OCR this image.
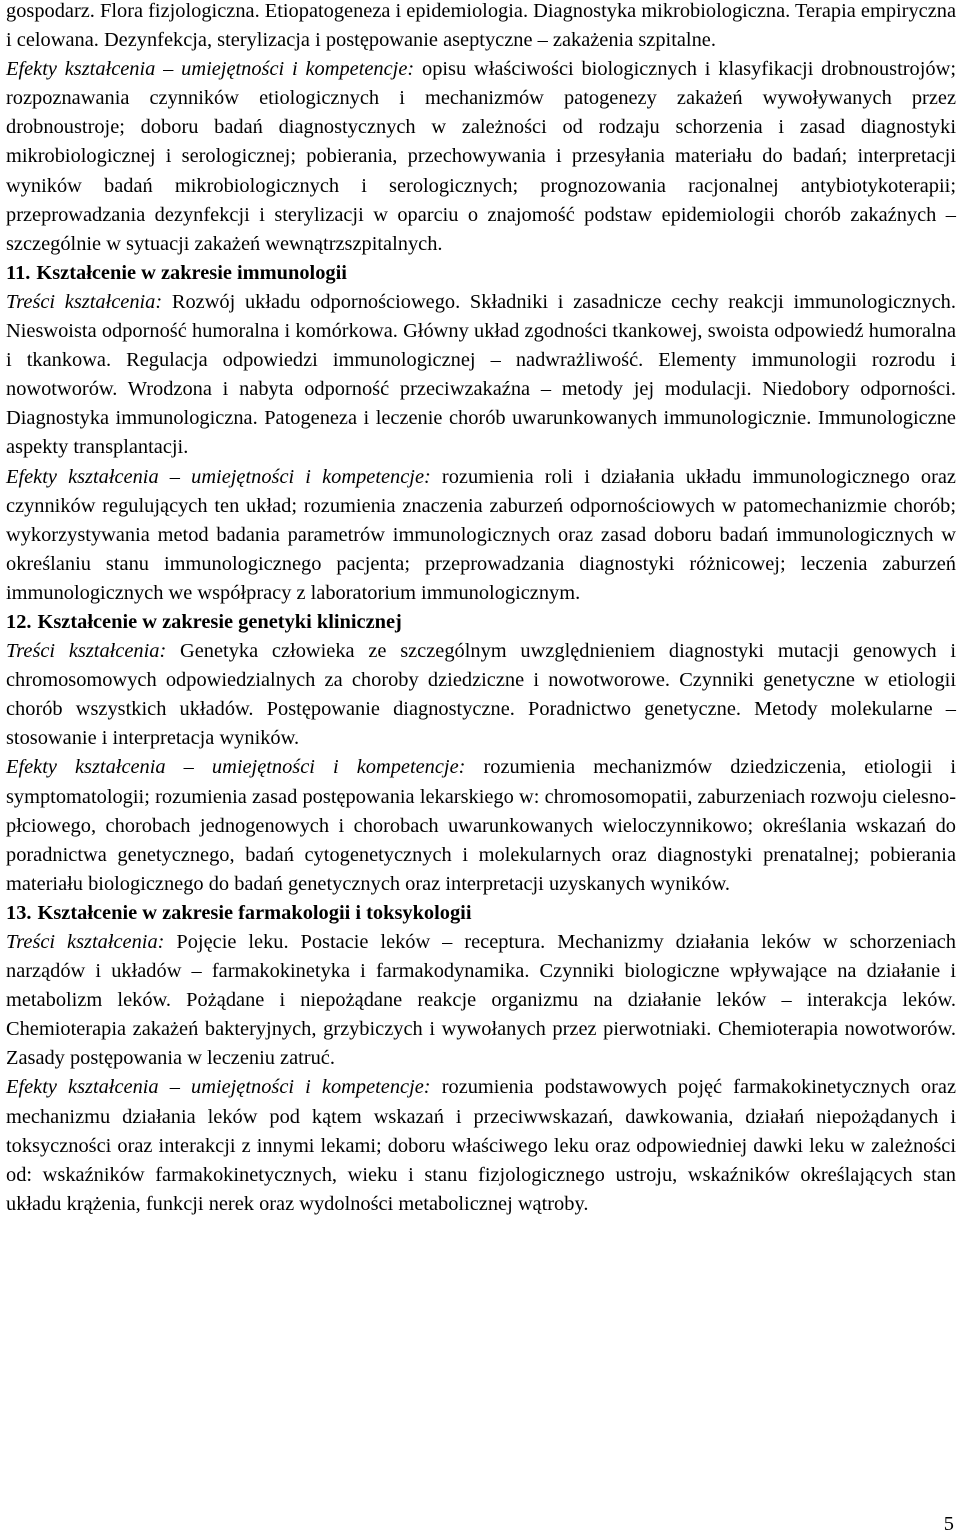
gospodarz. Flora fizjologiczna. Etiopatogeneza i epidemiologia. Diagnostyka mikrobiologiczna. Terapia empiryczna i celowana. Dezynfekcja, sterylizacja i postępowanie aseptyczne – zakażenia szpitalne.

Efekty kształcenia – umiejętności i kompetencje: opisu właściwości biologicznych i klasyfikacji drobnoustrojów; rozpoznawania czynników etiologicznych i mechanizmów patogenezy zakażeń wywoływanych przez drobnoustroje; doboru badań diagnostycznych w zależności od rodzaju schorzenia i zasad diagnostyki mikrobiologicznej i serologicznej; pobierania, przechowywania i przesyłania materiału do badań; interpretacji wyników badań mikrobiologicznych i serologicznych; prognozowania racjonalnej antybiotykoterapii; przeprowadzania dezynfekcji i sterylizacji w oparciu o znajomość podstaw epidemiologii chorób zakaźnych – szczególnie w sytuacji zakażeń wewnątrzszpitalnych.

11. Kształcenie w zakresie immunologii

Treści kształcenia: Rozwój układu odpornościowego. Składniki i zasadnicze cechy reakcji immunologicznych. Nieswoista odporność humoralna i komórkowa. Główny układ zgodności tkankowej, swoista odpowiedź humoralna i tkankowa. Regulacja odpowiedzi immunologicznej – nadwrażliwość. Elementy immunologii rozrodu i nowotworów. Wrodzona i nabyta odporność przeciwzakaźna – metody jej modulacji. Niedobory odporności. Diagnostyka immunologiczna. Patogeneza i leczenie chorób uwarunkowanych immunologicznie. Immunologiczne aspekty transplantacji.

Efekty kształcenia – umiejętności i kompetencje: rozumienia roli i działania układu immunologicznego oraz czynników regulujących ten układ; rozumienia znaczenia zaburzeń odpornościowych w patomechanizmie chorób; wykorzystywania metod badania parametrów immunologicznych oraz zasad doboru badań immunologicznych w określaniu stanu immunologicznego pacjenta; przeprowadzania diagnostyki różnicowej; leczenia zaburzeń immunologicznych we współpracy z laboratorium immunologicznym.

12. Kształcenie w zakresie genetyki klinicznej

Treści kształcenia: Genetyka człowieka ze szczególnym uwzględnieniem diagnostyki mutacji genowych i chromosomowych odpowiedzialnych za choroby dziedziczne i nowotworowe. Czynniki genetyczne w etiologii chorób wszystkich układów. Postępowanie diagnostyczne. Poradnictwo genetyczne. Metody molekularne – stosowanie i interpretacja wyników.

Efekty kształcenia – umiejętności i kompetencje: rozumienia mechanizmów dziedziczenia, etiologii i symptomatologii; rozumienia zasad postępowania lekarskiego w: chromosomopatii, zaburzeniach rozwoju cielesno-płciowego, chorobach jednogenowych i chorobach uwarunkowanych wieloczynnikowo; określania wskazań do poradnictwa genetycznego, badań cytogenetycznych i molekularnych oraz diagnostyki prenatalnej; pobierania materiału biologicznego do badań genetycznych oraz interpretacji uzyskanych wyników.

13. Kształcenie w zakresie farmakologii i toksykologii

Treści kształcenia: Pojęcie leku. Postacie leków – receptura. Mechanizmy działania leków w schorzeniach narządów i układów – farmakokinetyka i farmakodynamika. Czynniki biologiczne wpływające na działanie i metabolizm leków. Pożądane i niepożądane reakcje organizmu na działanie leków – interakcja leków. Chemioterapia zakażeń bakteryjnych, grzybiczych i wywołanych przez pierwotniaki. Chemioterapia nowotworów. Zasady postępowania w leczeniu zatruć.

Efekty kształcenia – umiejętności i kompetencje: rozumienia podstawowych pojęć farmakokinetycznych oraz mechanizmu działania leków pod kątem wskazań i przeciwwskazań, dawkowania, działań niepożądanych i toksyczności oraz interakcji z innymi lekami; doboru właściwego leku oraz odpowiedniej dawki leku w zależności od: wskaźników farmakokinetycznych, wieku i stanu fizjologicznego ustroju, wskaźników określających stan układu krążenia, funkcji nerek oraz wydolności metabolicznej wątroby.

5
